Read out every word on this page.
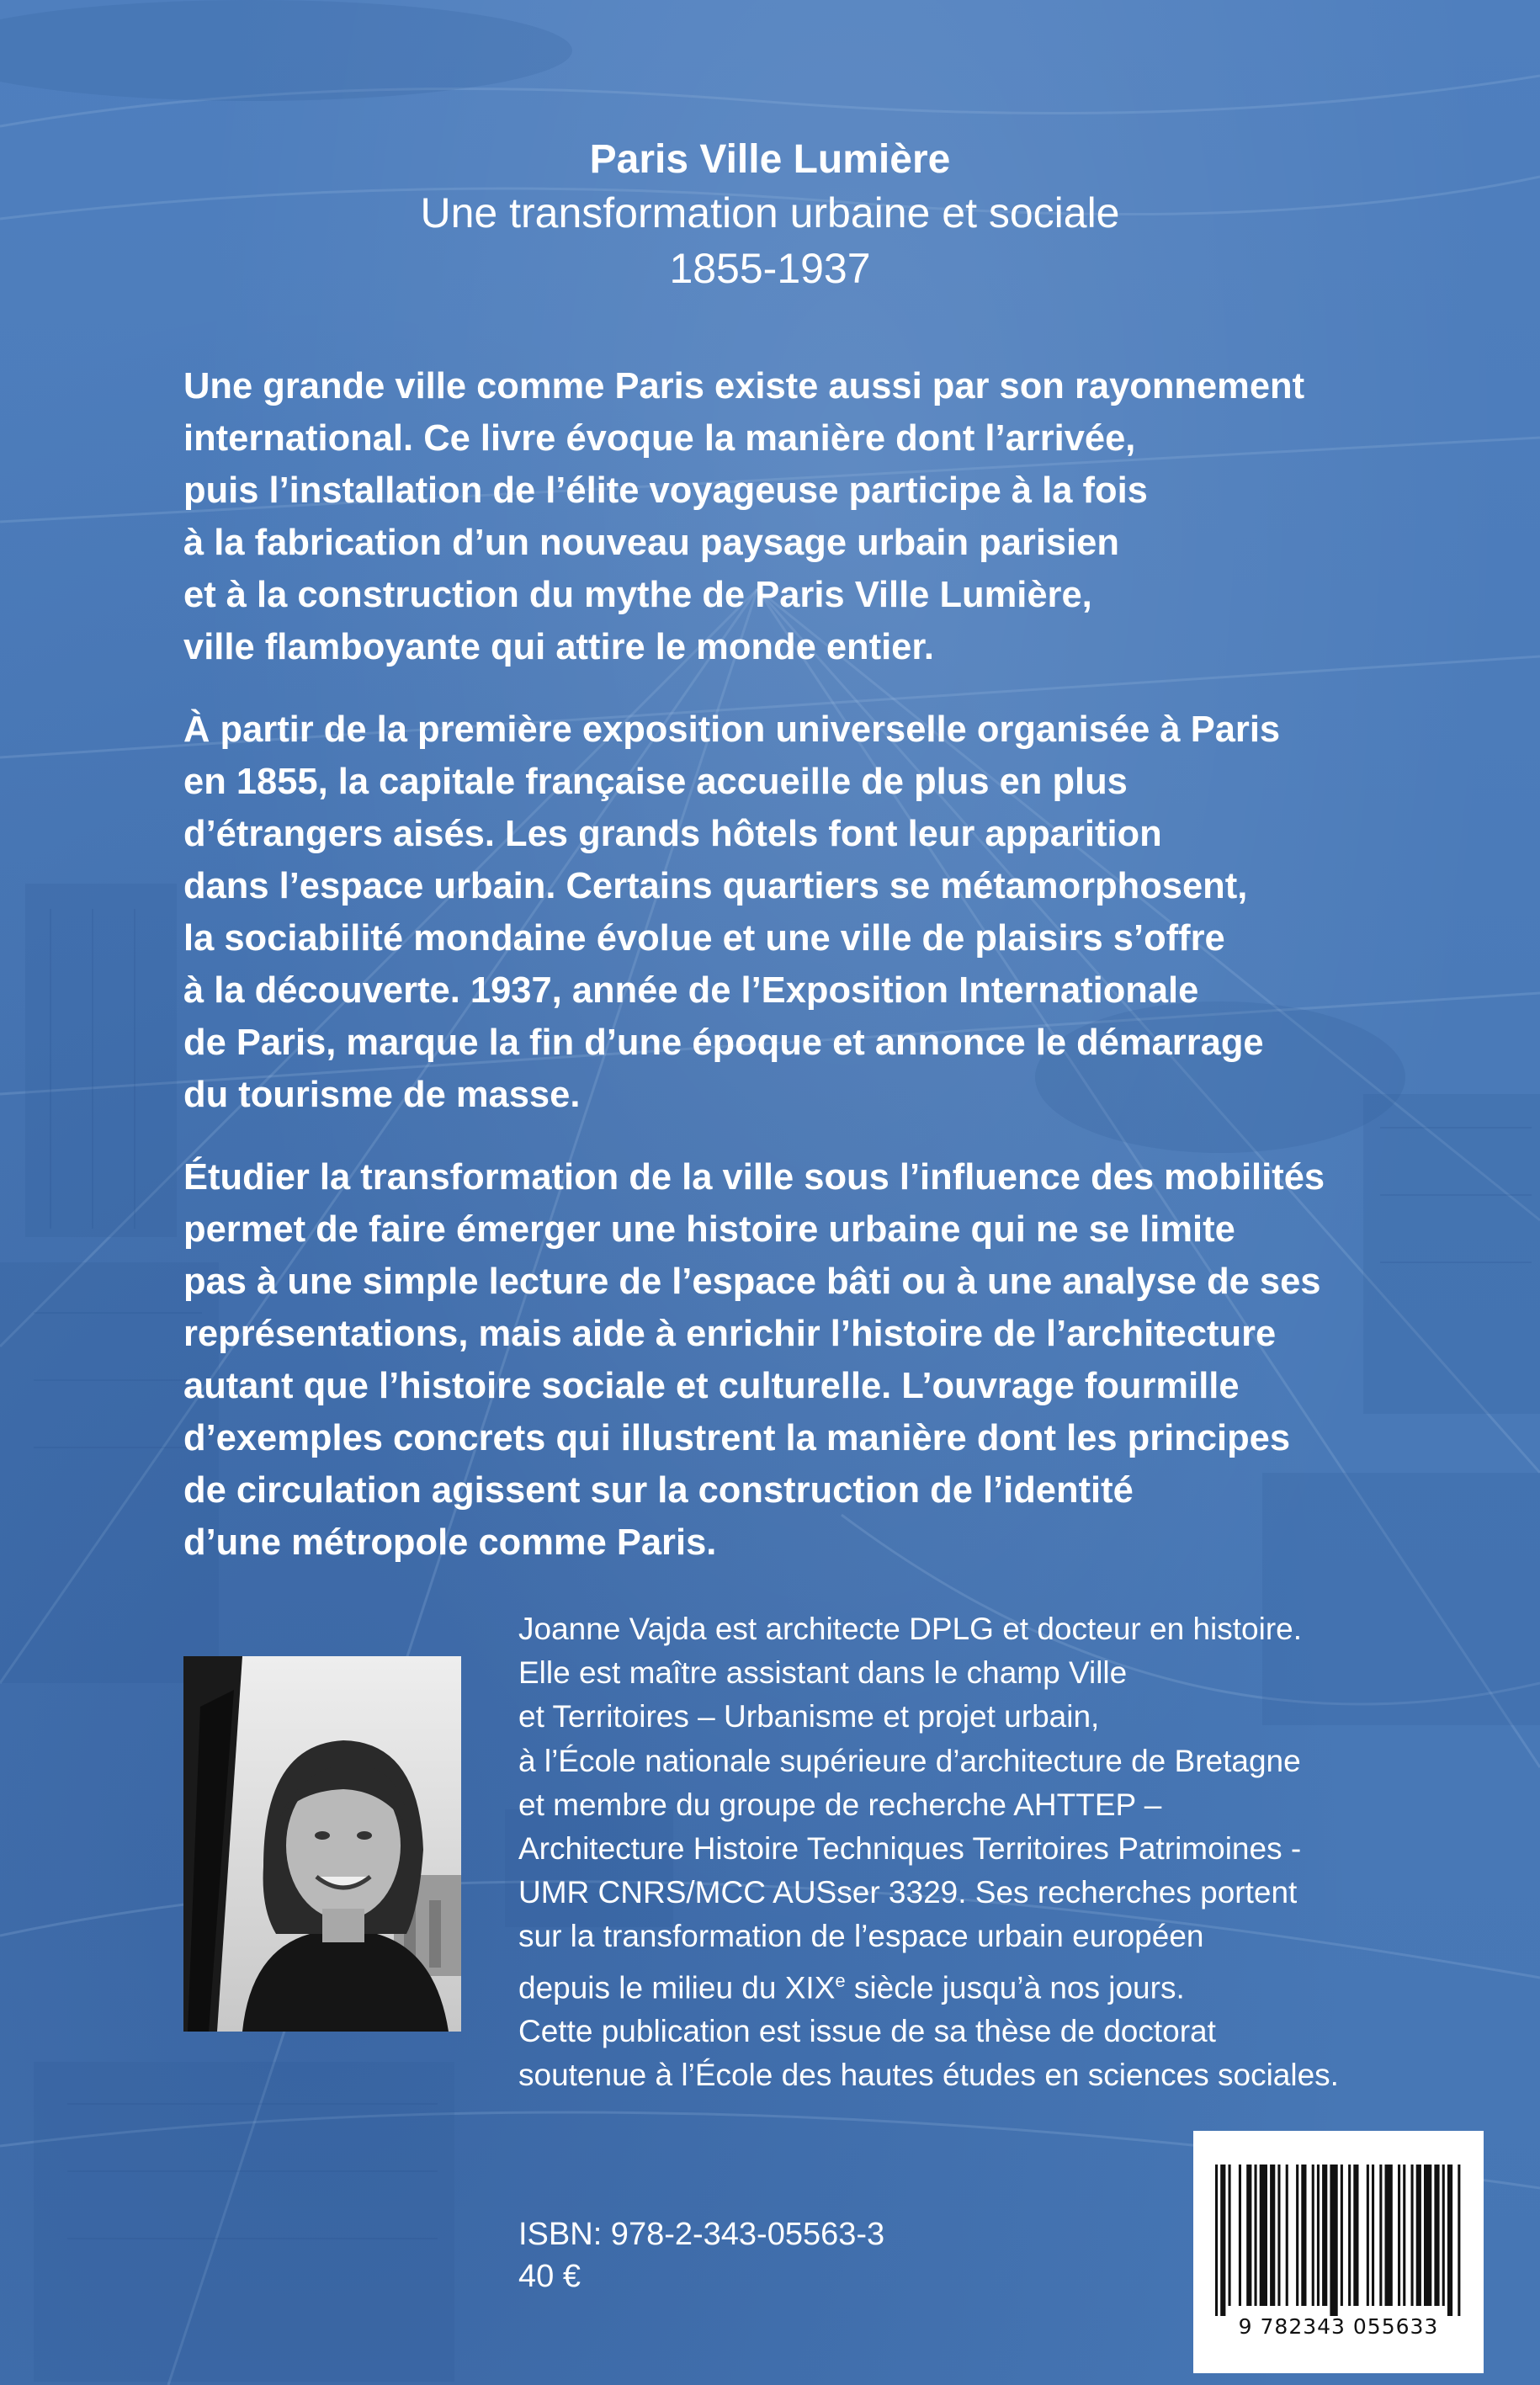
Paris Ville Lumière
Une transformation urbaine et sociale
1855-1937
Une grande ville comme Paris existe aussi par son rayonnement
international. Ce livre évoque la manière dont l’arrivée,
puis l’installation de l’élite voyageuse participe à la fois
à la fabrication d’un nouveau paysage urbain parisien
et à la construction du mythe de Paris Ville Lumière,
ville flamboyante qui attire le monde entier.
À partir de la première exposition universelle organisée à Paris
en 1855, la capitale française accueille de plus en plus
d’étrangers aisés. Les grands hôtels font leur apparition
dans l’espace urbain. Certains quartiers se métamorphosent,
la sociabilité mondaine évolue et une ville de plaisirs s’offre
à la découverte. 1937, année de l’Exposition Internationale
de Paris, marque la fin d’une époque et annonce le démarrage
du tourisme de masse.
Étudier la transformation de la ville sous l’influence des mobilités
permet de faire émerger une histoire urbaine qui ne se limite
pas à une simple lecture de l’espace bâti ou à une analyse de ses
représentations, mais aide à enrichir l’histoire de l’architecture
autant que l’histoire sociale et culturelle. L’ouvrage fourmille
d’exemples concrets qui illustrent la manière dont les principes
de circulation agissent sur la construction de l’identité
d’une métropole comme Paris.
Joanne Vajda est architecte DPLG et docteur en histoire.
Elle est maître assistant dans le champ Ville
et Territoires – Urbanisme et projet urbain,
à l’École nationale supérieure d’architecture de Bretagne
et membre du groupe de recherche AHTTEP –
Architecture Histoire Techniques Territoires Patrimoines -
UMR CNRS/MCC AUSser 3329. Ses recherches portent
sur la transformation de l’espace urbain européen
depuis le milieu du XIXe siècle jusqu’à nos jours.
Cette publication est issue de sa thèse de doctorat
soutenue à l’École des hautes études en sciences sociales.
ISBN: 978-2-343-05563-3
40 €
9 782343 055633
